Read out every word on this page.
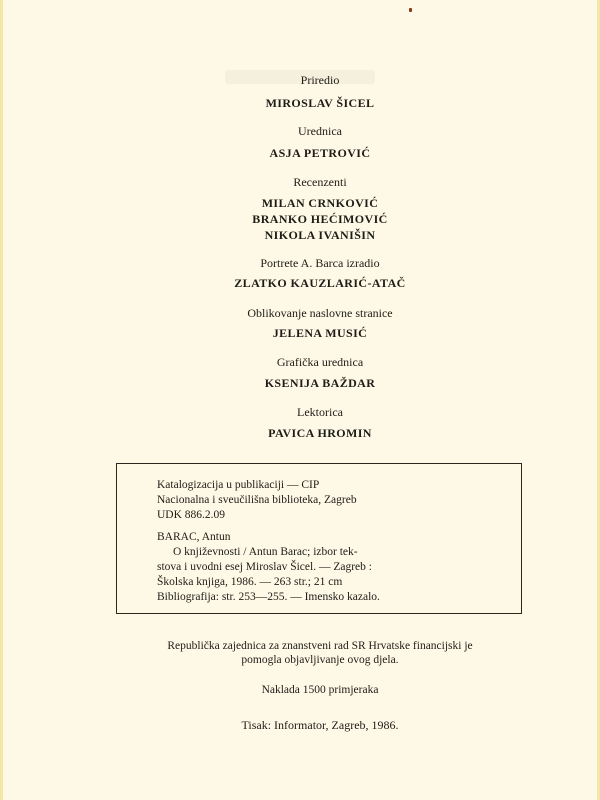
Priredio
MIROSLAV ŠICEL
Urednica
ASJA PETROVIĆ
Recenzenti
MILAN CRNKOVIĆ
BRANKO HEĆIMOVIĆ
NIKOLA IVANIŠIN
Portrete A. Barca izradio
ZLATKO KAUZLARIĆ-ATAČ
Oblikovanje naslovne stranice
JELENA MUSIĆ
Grafička urednica
KSENIJA BAŽDAR
Lektorica
PAVICA HROMIN
Katalogizacija u publikaciji — CIP
Nacionalna i sveučilišna biblioteka, Zagreb
UDK 886.2.09
BARAC, Antun
O književnosti / Antun Barac; izbor tek-
stova i uvodni esej Miroslav Šicel. — Zagreb :
Školska knjiga, 1986. — 263 str.; 21 cm
Bibliografija: str. 253—255. — Imensko kazalo.
Republička zajednica za znanstveni rad SR Hrvatske financijski je
pomogla objavljivanje ovog djela.
Naklada 1500 primjeraka
Tisak: Informator, Zagreb, 1986.
